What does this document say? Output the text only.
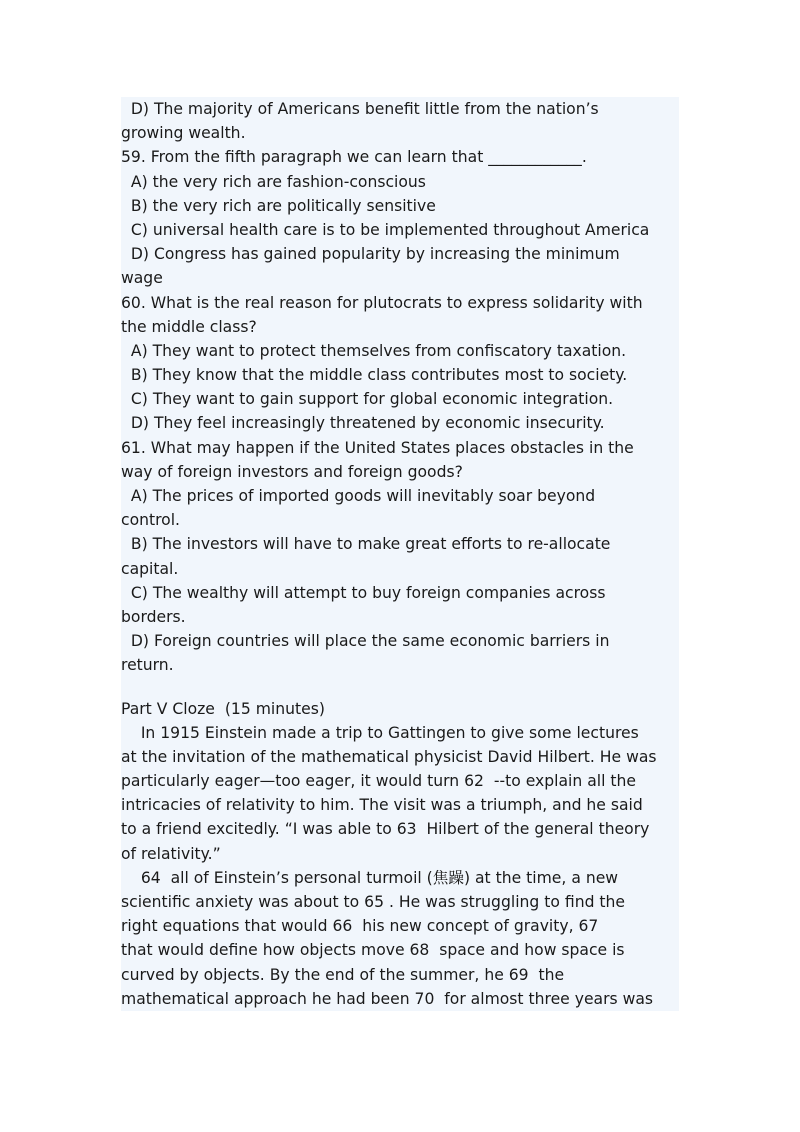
D) The majority of Americans benefit little from the nation’s
growing wealth.
59. From the fifth paragraph we can learn that ____________.
A) the very rich are fashion-conscious
B) the very rich are politically sensitive
C) universal health care is to be implemented throughout America
D) Congress has gained popularity by increasing the minimum
wage
60. What is the real reason for plutocrats to express solidarity with
the middle class?
A) They want to protect themselves from confiscatory taxation.
B) They know that the middle class contributes most to society.
C) They want to gain support for global economic integration.
D) They feel increasingly threatened by economic insecurity.
61. What may happen if the United States places obstacles in the
way of foreign investors and foreign goods?
A) The prices of imported goods will inevitably soar beyond
control.
B) The investors will have to make great efforts to re-allocate
capital.
C) The wealthy will attempt to buy foreign companies across
borders.
D) Foreign countries will place the same economic barriers in
return.
Part V Cloze  (15 minutes)
In 1915 Einstein made a trip to Gattingen to give some lectures
at the invitation of the mathematical physicist David Hilbert. He was
particularly eager—too eager, it would turn 62  --to explain all the
intricacies of relativity to him. The visit was a triumph, and he said
to a friend excitedly. “I was able to 63  Hilbert of the general theory
of relativity.”
64  all of Einstein’s personal turmoil (焦躁) at the time, a new
scientific anxiety was about to 65 . He was struggling to find the
right equations that would 66  his new concept of gravity, 67
that would define how objects move 68  space and how space is
curved by objects. By the end of the summer, he 69  the
mathematical approach he had been 70  for almost three years was
